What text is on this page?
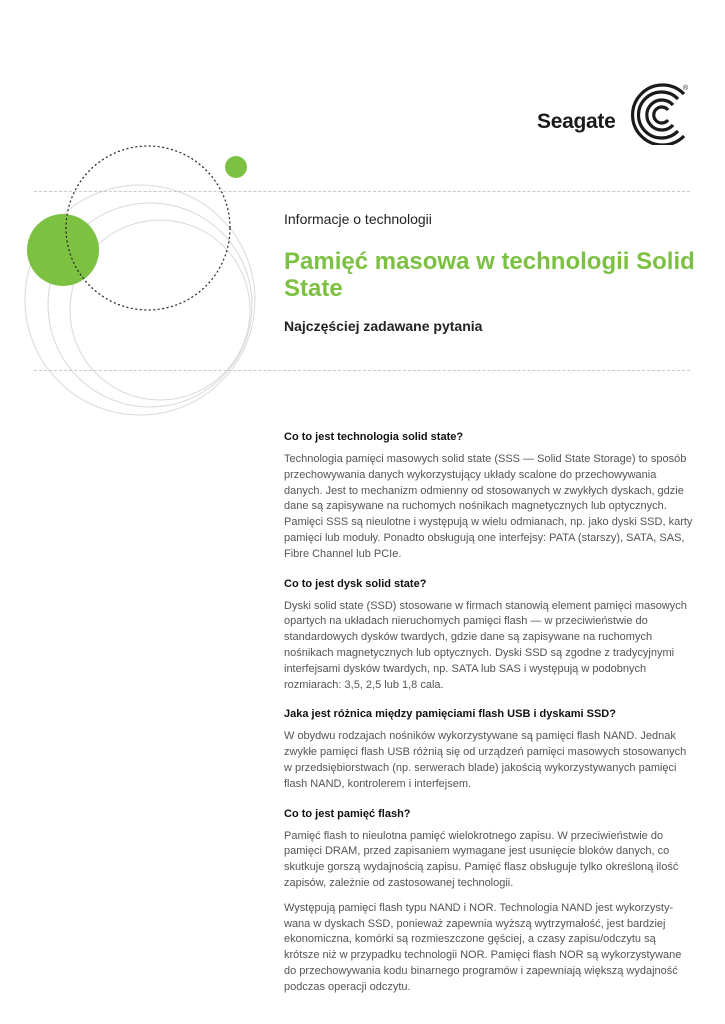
Seagate
®
Informacje o technologii
Pamięć masowa w technologii Solid State
Najczęściej zadawane pytania
Co to jest technologia solid state?
Technologia pamięci masowych solid state (SSS — Solid State Storage) to sposób przechowywania danych wykorzystujący układy scalone do przechowywania danych. Jest to mechanizm odmienny od stosowanych w zwykłych dyskach, gdzie dane są zapisywane na ruchomych nośnikach magnetycznych lub optycznych. Pamięci SSS są nieulotne i występują w wielu odmianach, np. jako dyski SSD, karty pamięci lub moduły. Ponadto obsługują one interfejsy: PATA (starszy), SATA, SAS, Fibre Channel lub PCIe.
Co to jest dysk solid state?
Dyski solid state (SSD) stosowane w firmach stanowią element pamięci masowych opartych na układach nieruchomych pamięci flash — w przeciwieństwie do standardowych dysków twardych, gdzie dane są zapisywane na ruchomych nośnikach magnetycznych lub optycznych. Dyski SSD są zgodne z tradycyjnymi interfejsami dysków twardych, np. SATA lub SAS i występują w podobnych rozmiarach: 3,5, 2,5 lub 1,8 cala.
Jaka jest różnica między pamięciami flash USB i dyskami SSD?
W obydwu rodzajach nośników wykorzystywane są pamięci flash NAND. Jednak zwykłe pamięci flash USB różnią się od urządzeń pamięci masowych stosowanych w przedsiębiorstwach (np. serwerach blade) jakością wykorzystywanych pamięci flash NAND, kontrolerem i interfejsem.
Co to jest pamięć flash?
Pamięć flash to nieulotna pamięć wielokrotnego zapisu. W przeciwieństwie do pamięci DRAM, przed zapisaniem wymagane jest usunięcie bloków danych, co skutkuje gorszą wydajnością zapisu. Pamięć flasz obsługuje tylko określoną ilość zapisów, zależnie od zastosowanej technologii.
Występują pamięci flash typu NAND i NOR. Technologia NAND jest wykorzystywana w dyskach SSD, ponieważ zapewnia wyższą wytrzymałość, jest bardziej ekonomiczna, komórki są rozmieszczone gęściej, a czasy zapisu/odczytu są krótsze niż w przypadku technologii NOR. Pamięci flash NOR są wykorzystywane do przechowywania kodu binarnego programów i zapewniają większą wydajność podczas operacji odczytu.
